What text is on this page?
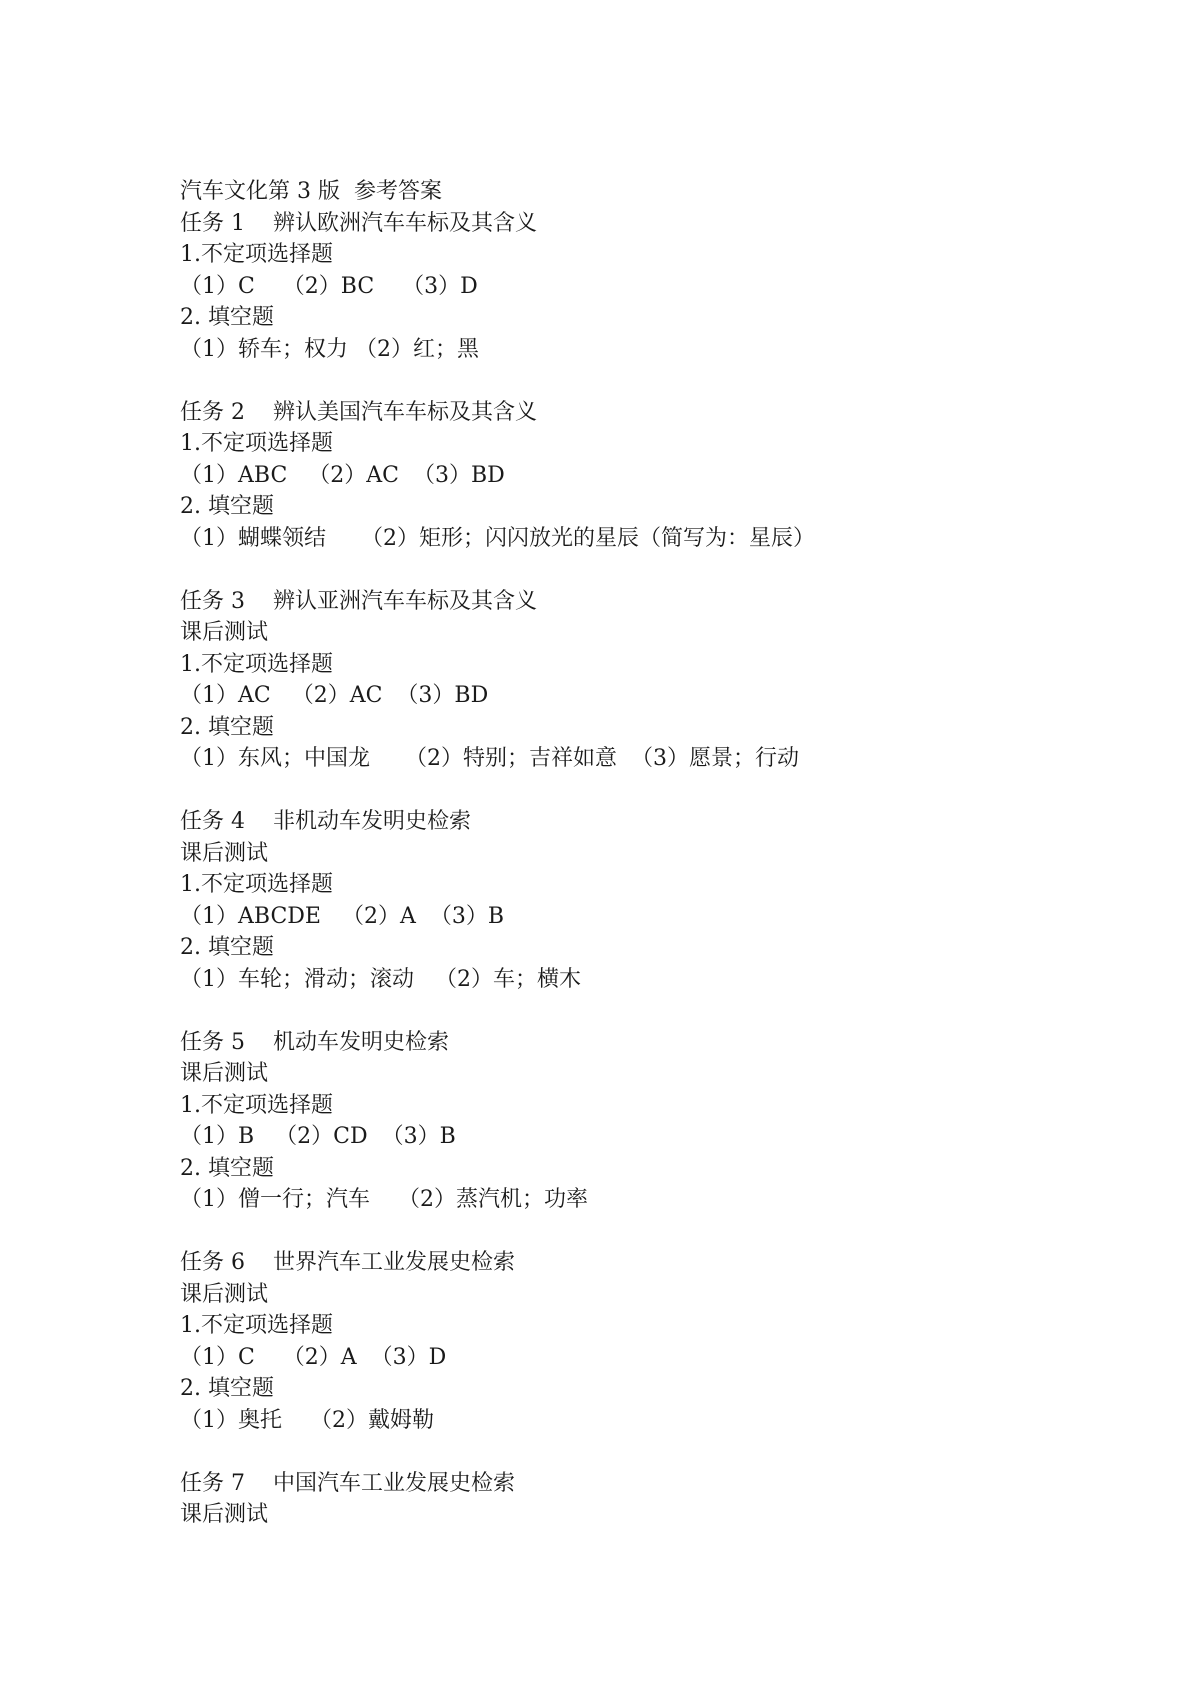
汽车文化第 3 版  参考答案
任务 1    辨认欧洲汽车车标及其含义
1.不定项选择题
（1）C    （2）BC    （3）D
2. 填空题
（1）轿车；权力 （2）红；黑
任务 2    辨认美国汽车车标及其含义
1.不定项选择题
（1）ABC   （2）AC  （3）BD
2. 填空题
（1）蝴蝶领结     （2）矩形；闪闪放光的星辰（简写为：星辰）
任务 3    辨认亚洲汽车车标及其含义
课后测试
1.不定项选择题
（1）AC   （2）AC  （3）BD
2. 填空题
（1）东风；中国龙     （2）特别；吉祥如意  （3）愿景；行动
任务 4    非机动车发明史检索
课后测试
1.不定项选择题
（1）ABCDE   （2）A  （3）B
2. 填空题
（1）车轮；滑动；滚动   （2）车；横木
任务 5    机动车发明史检索
课后测试
1.不定项选择题
（1）B   （2）CD  （3）B
2. 填空题
（1）僧一行；汽车    （2）蒸汽机；功率
任务 6    世界汽车工业发展史检索
课后测试
1.不定项选择题
（1）C    （2）A  （3）D
2. 填空题
（1）奥托    （2）戴姆勒
任务 7    中国汽车工业发展史检索
课后测试
